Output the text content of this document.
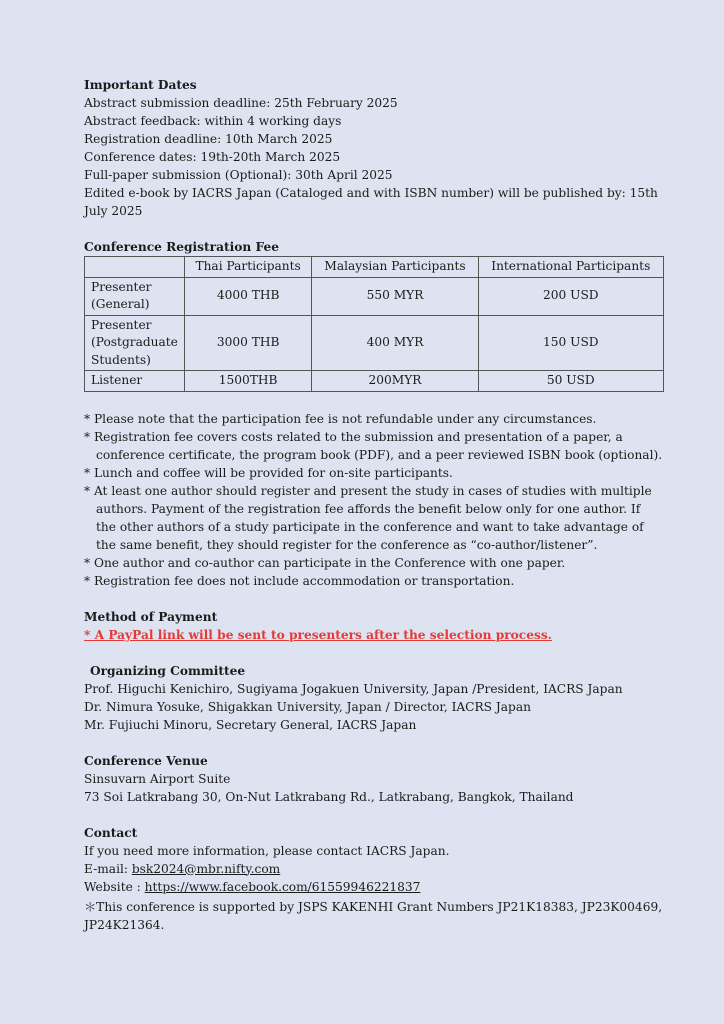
Important Dates

Abstract submission deadline: 25th February 2025

Abstract feedback: within 4 working days

Registration deadline: 10th March 2025

Conference dates: 19th-20th March 2025

Full-paper submission (Optional): 30th April 2025

Edited e-book by IACRS Japan (Cataloged and with ISBN number) will be published by: 15th July 2025

Conference Registration Fee

	Thai Participants	Malaysian Participants	International Participants
Presenter (General)	4000 THB	550 MYR	200 USD
Presenter (Postgraduate Students)	3000 THB	400 MYR	150 USD
Listener	1500THB	200MYR	50 USD

* Please note that the participation fee is not refundable under any circumstances.

* Registration fee covers costs related to the submission and presentation of a paper, a conference certificate, the program book (PDF), and a peer reviewed ISBN book (optional).

* Lunch and coffee will be provided for on-site participants.

* At least one author should register and present the study in cases of studies with multiple authors. Payment of the registration fee affords the benefit below only for one author. If the other authors of a study participate in the conference and want to take advantage of the same benefit, they should register for the conference as “co-author/listener”.

* One author and co-author can participate in the Conference with one paper.

* Registration fee does not include accommodation or transportation.

Method of Payment

* A PayPal link will be sent to presenters after the selection process.

Organizing Committee

Prof. Higuchi Kenichiro, Sugiyama Jogakuen University, Japan /President, IACRS Japan

Dr. Nimura Yosuke, Shigakkan University, Japan / Director, IACRS Japan

Mr. Fujiuchi Minoru, Secretary General, IACRS Japan

Conference Venue

Sinsuvarn Airport Suite

73 Soi Latkrabang 30, On-Nut Latkrabang Rd., Latkrabang, Bangkok, Thailand

Contact

If you need more information, please contact IACRS Japan.

E-mail: bsk2024@mbr.nifty.com

Website : https://www.facebook.com/61559946221837

＊This conference is supported by JSPS KAKENHI Grant Numbers JP21K18383, JP23K00469, JP24K21364.
